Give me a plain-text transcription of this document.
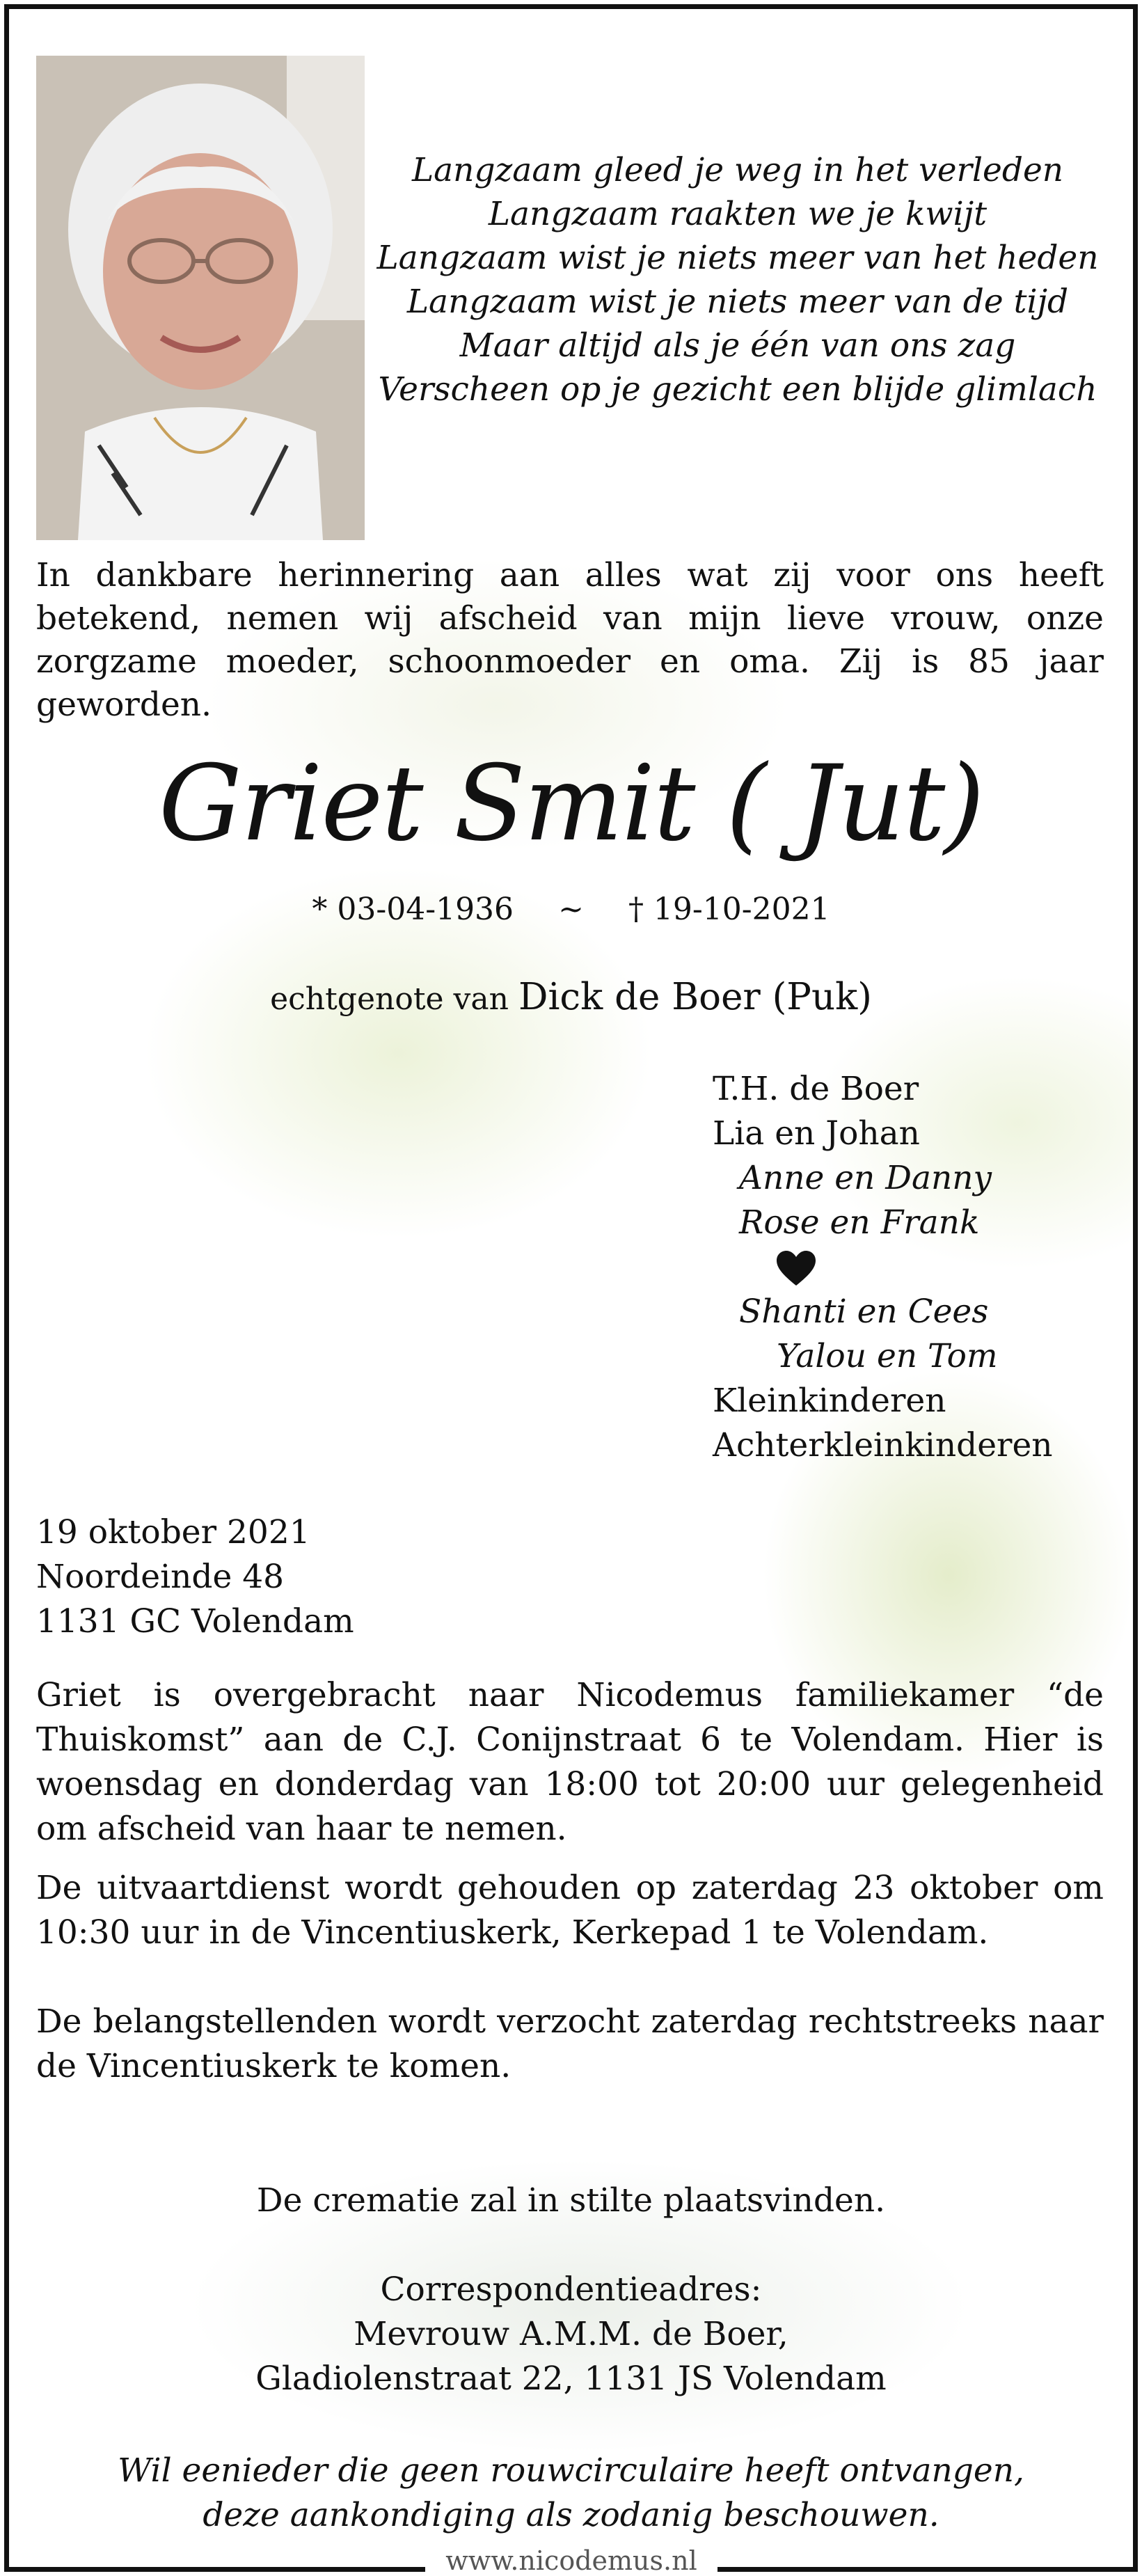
Langzaam gleed je weg in het verleden
Langzaam raakten we je kwijt
Langzaam wist je niets meer van het heden
Langzaam wist je niets meer van de tijd
Maar altijd als je één van ons zag
Verscheen op je gezicht een blijde glimlach
In dankbare herinnering aan alles wat zij voor ons heeft betekend, nemen wij afscheid van mijn lieve vrouw, onze zorgzame moeder, schoonmoeder en oma. Zij is 85 jaar geworden.
Griet Smit ( Jut)
* 03-04-1936 ~ † 19-10-2021
echtgenote van Dick de Boer (Puk)
T.H. de Boer
Lia en Johan
Anne en Danny
Rose en Frank
Shanti en Cees
Yalou en Tom
Kleinkinderen
Achterkleinkinderen
19 oktober 2021
Noordeinde 48
1131 GC Volendam
Griet is overgebracht naar Nicodemus familiekamer “de Thuiskomst” aan de C.J. Conijnstraat 6 te Volendam. Hier is woensdag en donderdag van 18:00 tot 20:00 uur gelegenheid om afscheid van haar te nemen.
De uitvaartdienst wordt gehouden op zaterdag 23 oktober om 10:30 uur in de Vincentiuskerk, Kerkepad 1 te Volendam.
De belangstellenden wordt verzocht zaterdag rechtstreeks naar de Vincentiuskerk te komen.
De crematie zal in stilte plaatsvinden.
Correspondentieadres:
Mevrouw A.M.M. de Boer,
Gladiolenstraat 22, 1131 JS Volendam
Wil eenieder die geen rouwcirculaire heeft ontvangen,
deze aankondiging als zodanig beschouwen.
www.nicodemus.nl
